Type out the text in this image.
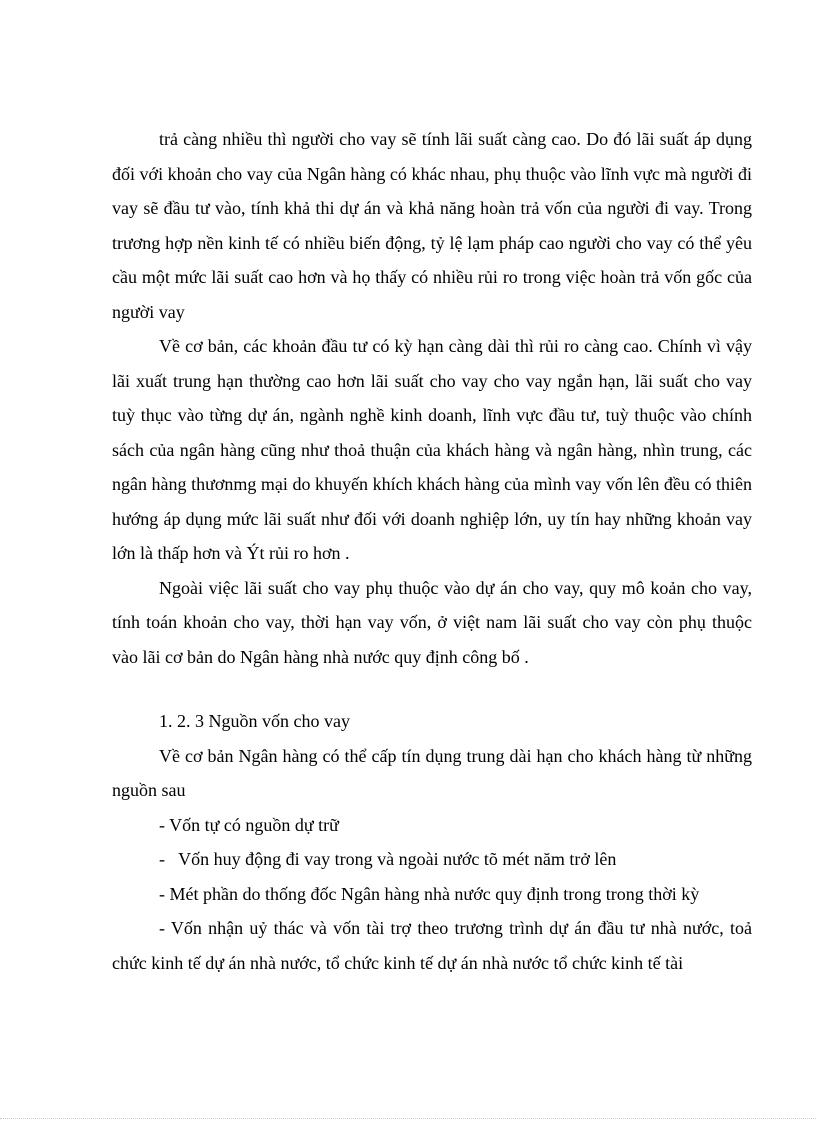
trả càng nhiều thì người cho vay sẽ tính lãi suất càng cao. Do đó lãi suất áp dụng đối với khoản cho vay của Ngân hàng có khác nhau, phụ thuộc vào lĩnh vực mà người đi vay sẽ đầu tư vào, tính khả thi dự án và khả năng hoàn trả vốn của người đi vay. Trong trương hợp nền kinh tế có nhiều biến động, tỷ lệ lạm pháp cao người cho vay có thể yêu cầu một mức lãi suất cao hơn và họ thấy có nhiều rủi ro trong việc hoàn trả vốn gốc của người vay

Về cơ bản, các khoản đầu tư có kỳ hạn càng dài thì rủi ro càng cao. Chính vì vậy lãi xuất trung hạn thường cao hơn lãi suất cho vay cho vay ngắn hạn, lãi suất cho vay tuỳ thục vào từng dự án, ngành nghề kinh doanh, lĩnh vực đầu tư, tuỳ thuộc vào chính sách của ngân hàng cũng như thoả thuận của khách hàng và ngân hàng, nhìn trung, các ngân hàng thươnmg mại do khuyến khích khách hàng của mình vay vốn lên đều có thiên hướng áp dụng mức lãi suất như đối với doanh nghiệp lớn, uy tín hay những khoản vay lớn là thấp hơn và Ýt rủi ro hơn .

Ngoài việc lãi suất cho vay phụ thuộc vào dự án cho vay, quy mô koản cho vay, tính toán khoản cho vay, thời hạn vay vốn, ở việt nam lãi suất cho vay còn phụ thuộc vào lãi cơ bản do Ngân hàng nhà nước quy định công bố .

1. 2. 3 Nguồn vốn cho vay

Về cơ bản Ngân hàng có thể cấp tín dụng trung dài hạn cho khách hàng từ những nguồn sau

- Vốn tự có nguồn dự trữ

-   Vốn huy động đi vay trong và ngoài nước tõ mét năm trở lên

- Mét phần do thống đốc Ngân hàng nhà nước quy định trong trong thời kỳ

- Vốn nhận uỷ thác và vốn tài trợ theo trương trình dự án đầu tư nhà nước, toả chức kinh tế dự án nhà nước, tổ chức kinh tế dự án nhà nước tổ chức kinh tế tài
